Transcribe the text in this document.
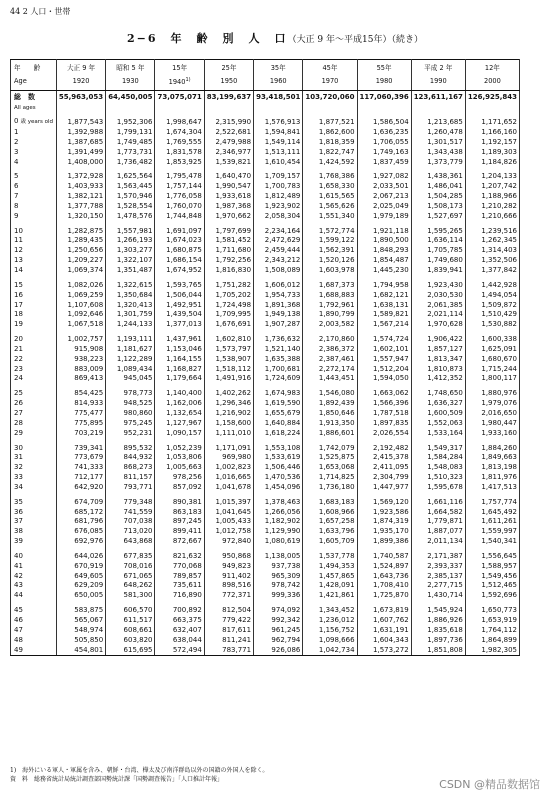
44 2 人口・世帯
2−6　年　齢　別　人　口（大正 9 年〜平成15年）（続き）
年　　齢	大正 9 年	昭和 5 年	15年	25年	35年	45年	55年	平成 2 年	12年
Age	1920	1930	1940$^{1)}$	1950	1960	1970	1980	1990	2000
総　数	55,963,053	64,450,005	73,075,071	83,199,637	93,418,501	103,720,060	117,060,396	123,611,167	126,925,843
All ages									

0 歳 years old	1,877,543	1,952,306	1,998,647	2,315,990	1,576,913	1,877,521	1,586,504	1,213,685	1,171,652
1	1,392,988	1,799,131	1,674,304	2,522,681	1,594,841	1,862,600	1,636,235	1,260,478	1,166,160
2	1,387,685	1,749,485	1,769,555	2,479,988	1,549,114	1,818,359	1,706,055	1,301,517	1,192,157
3	1,391,499	1,773,731	1,831,578	2,346,977	1,513,111	1,822,747	1,749,163	1,343,438	1,189,303
4	1,408,000	1,736,482	1,853,925	1,539,821	1,610,454	1,424,592	1,837,459	1,373,779	1,184,826

5	1,372,928	1,625,564	1,795,478	1,640,470	1,709,157	1,768,386	1,927,082	1,438,361	1,204,133
6	1,403,933	1,563,445	1,757,144	1,990,547	1,700,783	1,658,330	2,033,501	1,486,041	1,207,742
7	1,382,121	1,570,946	1,776,058	1,933,618	1,812,489	1,615,565	2,067,213	1,504,285	1,188,966
8	1,377,788	1,528,554	1,760,070	1,987,368	1,923,902	1,565,626	2,025,049	1,508,173	1,210,282
9	1,320,150	1,478,576	1,744,848	1,970,662	2,058,304	1,551,340	1,979,189	1,527,697	1,210,666

10	1,282,875	1,557,981	1,691,097	1,797,699	2,234,164	1,572,774	1,921,118	1,595,265	1,239,516
11	1,289,435	1,266,193	1,674,023	1,581,452	2,472,629	1,599,122	1,890,500	1,636,114	1,262,345
12	1,250,656	1,303,277	1,680,875	1,711,680	2,459,444	1,562,391	1,848,293	1,705,785	1,314,403
13	1,209,227	1,322,107	1,686,154	1,792,256	2,343,212	1,520,126	1,854,487	1,749,680	1,352,506
14	1,069,374	1,351,487	1,674,952	1,816,830	1,508,089	1,603,978	1,445,230	1,839,941	1,377,842

15	1,082,026	1,322,615	1,593,765	1,751,282	1,606,012	1,687,373	1,794,958	1,923,430	1,442,928
16	1,069,259	1,350,684	1,506,044	1,705,202	1,954,733	1,688,883	1,682,121	2,030,530	1,494,054
17	1,107,608	1,320,413	1,492,951	1,724,498	1,891,368	1,792,961	1,638,131	2,061,385	1,509,872
18	1,092,646	1,301,759	1,439,504	1,709,995	1,949,138	1,890,799	1,589,821	2,021,114	1,510,429
19	1,067,518	1,244,133	1,377,013	1,676,691	1,907,287	2,003,582	1,567,214	1,970,628	1,530,882

20	1,002,757	1,193,111	1,437,961	1,602,810	1,736,632	2,170,860	1,574,724	1,906,422	1,600,338
21	915,908	1,181,627	1,153,046	1,573,797	1,521,140	2,386,372	1,602,101	1,857,127	1,625,091
22	938,223	1,122,289	1,164,155	1,538,907	1,635,388	2,387,461	1,557,947	1,813,347	1,680,670
23	883,009	1,089,434	1,168,827	1,518,112	1,700,681	2,272,174	1,512,204	1,810,873	1,715,244
24	869,413	945,045	1,179,664	1,491,916	1,724,609	1,443,451	1,594,050	1,412,352	1,800,117

25	854,425	978,773	1,140,400	1,402,262	1,674,983	1,546,080	1,663,062	1,748,650	1,880,976
26	814,933	948,525	1,162,006	1,296,346	1,619,590	1,892,439	1,566,396	1,636,327	1,979,076
27	775,477	980,860	1,132,654	1,216,902	1,655,679	1,850,646	1,787,518	1,600,509	2,016,650
28	775,895	975,245	1,127,967	1,158,600	1,640,884	1,913,350	1,897,835	1,552,063	1,980,447
29	703,219	952,231	1,090,157	1,111,010	1,618,224	1,886,601	2,026,554	1,533,164	1,933,160

30	739,341	895,532	1,052,239	1,171,091	1,553,108	1,742,079	2,192,482	1,549,317	1,884,260
31	773,679	844,932	1,053,806	969,980	1,533,619	1,525,875	2,415,378	1,584,284	1,849,663
32	741,333	868,273	1,005,663	1,002,823	1,506,446	1,653,068	2,411,095	1,548,083	1,813,198
33	712,177	811,157	978,256	1,016,665	1,470,536	1,714,825	2,304,799	1,510,323	1,811,976
34	642,920	793,771	857,092	1,041,678	1,454,096	1,736,180	1,447,977	1,595,678	1,417,513

35	674,709	779,348	890,381	1,015,397	1,378,463	1,683,183	1,569,120	1,661,116	1,757,774
36	685,172	741,559	863,183	1,041,645	1,266,056	1,608,966	1,923,586	1,664,582	1,645,492
37	681,796	707,038	897,245	1,005,433	1,182,902	1,657,258	1,874,319	1,779,871	1,611,261
38	676,085	713,020	899,411	1,012,758	1,129,990	1,633,796	1,935,170	1,887,077	1,559,997
39	692,976	643,868	872,667	972,840	1,080,619	1,605,709	1,899,386	2,011,134	1,540,341

40	644,026	677,835	821,632	950,868	1,138,005	1,537,778	1,740,587	2,171,387	1,556,645
41	670,919	708,016	770,068	949,823	937,738	1,494,353	1,524,897	2,393,337	1,588,957
42	649,605	671,065	789,857	911,402	965,309	1,457,865	1,643,736	2,385,137	1,549,456
43	629,209	648,262	735,611	898,516	978,742	1,428,091	1,708,410	2,277,715	1,512,465
44	650,005	581,300	716,890	772,371	999,336	1,421,861	1,725,870	1,430,714	1,592,696

45	583,875	606,570	700,892	812,504	974,092	1,343,452	1,673,819	1,545,924	1,650,773
46	565,067	611,517	663,375	779,422	992,342	1,236,012	1,607,762	1,886,926	1,653,919
47	548,974	608,661	632,407	817,611	961,245	1,156,752	1,631,191	1,835,618	1,764,112
48	505,850	603,820	638,044	811,241	962,794	1,098,666	1,604,343	1,897,736	1,864,899
49	454,801	615,695	572,494	783,771	926,086	1,042,734	1,573,272	1,851,808	1,982,305
1)　海外にいる軍人・軍属を含み、朝鮮・台湾、樺太及び南洋群島以外の国籍の外国人を除く。
資　料　総務省統計局統計調査部国勢統計課「国勢調査報告」「人口推計年報」	CSDN @精品数据馆
